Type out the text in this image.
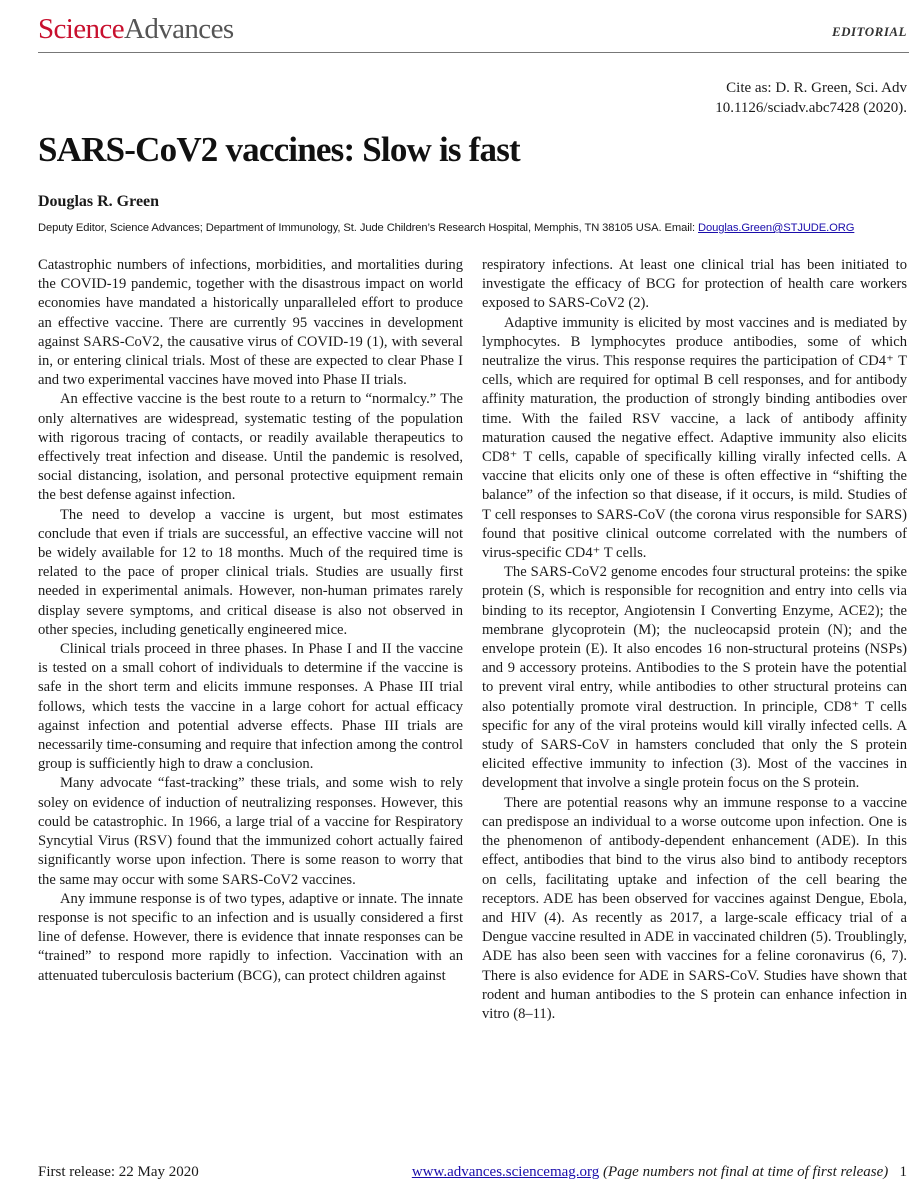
ScienceAdvances	EDITORIAL
Cite as: D. R. Green, Sci. Adv
10.1126/sciadv.abc7428 (2020).
SARS-CoV2 vaccines: Slow is fast
Douglas R. Green
Deputy Editor, Science Advances; Department of Immunology, St. Jude Children’s Research Hospital, Memphis, TN 38105 USA. Email: Douglas.Green@STJUDE.ORG

Catastrophic numbers of infections, morbidities, and mortalities during the COVID-19 pandemic, together with the disastrous impact on world economies have mandated a historically unparalleled effort to produce an effective vaccine. There are currently 95 vaccines in development against SARS-CoV2, the causative virus of COVID-19 (1), with several in, or entering clinical trials. Most of these are expected to clear Phase I and two experimental vaccines have moved into Phase II trials.

An effective vaccine is the best route to a return to “normalcy.” The only alternatives are widespread, systematic testing of the population with rigorous tracing of contacts, or readily available therapeutics to effectively treat infection and disease. Until the pandemic is resolved, social distancing, isolation, and personal protective equipment remain the best defense against infection.

The need to develop a vaccine is urgent, but most estimates conclude that even if trials are successful, an effective vaccine will not be widely available for 12 to 18 months. Much of the required time is related to the pace of proper clinical trials. Studies are usually first needed in experimental animals. However, non-human primates rarely display severe symptoms, and critical disease is also not observed in other species, including genetically engineered mice.

Clinical trials proceed in three phases. In Phase I and II the vaccine is tested on a small cohort of individuals to determine if the vaccine is safe in the short term and elicits immune responses. A Phase III trial follows, which tests the vaccine in a large cohort for actual efficacy against infection and potential adverse effects. Phase III trials are necessarily time-consuming and require that infection among the control group is sufficiently high to draw a conclusion.

Many advocate “fast-tracking” these trials, and some wish to rely soley on evidence of induction of neutralizing responses. However, this could be catastrophic. In 1966, a large trial of a vaccine for Respiratory Syncytial Virus (RSV) found that the immunized cohort actually faired significantly worse upon infection. There is some reason to worry that the same may occur with some SARS-CoV2 vaccines.

Any immune response is of two types, adaptive or innate. The innate response is not specific to an infection and is usually considered a first line of defense. However, there is evidence that innate responses can be “trained” to respond more rapidly to infection. Vaccination with an attenuated tuberculosis bacterium (BCG), can protect children against

respiratory infections. At least one clinical trial has been initiated to investigate the efficacy of BCG for protection of health care workers exposed to SARS-CoV2 (2).

Adaptive immunity is elicited by most vaccines and is mediated by lymphocytes. B lymphocytes produce antibodies, some of which neutralize the virus. This response requires the participation of CD4⁺ T cells, which are required for optimal B cell responses, and for antibody affinity maturation, the production of strongly binding antibodies over time. With the failed RSV vaccine, a lack of antibody affinity maturation caused the negative effect. Adaptive immunity also elicits CD8⁺ T cells, capable of specifically killing virally infected cells. A vaccine that elicits only one of these is often effective in “shifting the balance” of the infection so that disease, if it occurs, is mild. Studies of T cell responses to SARS-CoV (the corona virus responsible for SARS) found that positive clinical outcome correlated with the numbers of virus-specific CD4⁺ T cells.

The SARS-CoV2 genome encodes four structural proteins: the spike protein (S, which is responsible for recognition and entry into cells via binding to its receptor, Angiotensin I Converting Enzyme, ACE2); the membrane glycoprotein (M); the nucleocapsid protein (N); and the envelope protein (E). It also encodes 16 non-structural proteins (NSPs) and 9 accessory proteins. Antibodies to the S protein have the potential to prevent viral entry, while antibodies to other structural proteins can also potentially promote viral destruction. In principle, CD8⁺ T cells specific for any of the viral proteins would kill virally infected cells. A study of SARS-CoV in hamsters concluded that only the S protein elicited effective immunity to infection (3). Most of the vaccines in development that involve a single protein focus on the S protein.

There are potential reasons why an immune response to a vaccine can predispose an individual to a worse outcome upon infection. One is the phenomenon of antibody-dependent enhancement (ADE). In this effect, antibodies that bind to the virus also bind to antibody receptors on cells, facilitating uptake and infection of the cell bearing the receptors. ADE has been observed for vaccines against Dengue, Ebola, and HIV (4). As recently as 2017, a large-scale efficacy trial of a Dengue vaccine resulted in ADE in vaccinated children (5). Troublingly, ADE has also been seen with vaccines for a feline coronavirus (6, 7). There is also evidence for ADE in SARS-CoV. Studies have shown that rodent and human antibodies to the S protein can enhance infection in vitro (8–11).

First release: 22 May 2020	www.advances.sciencemag.org (Page numbers not final at time of first release) 1
